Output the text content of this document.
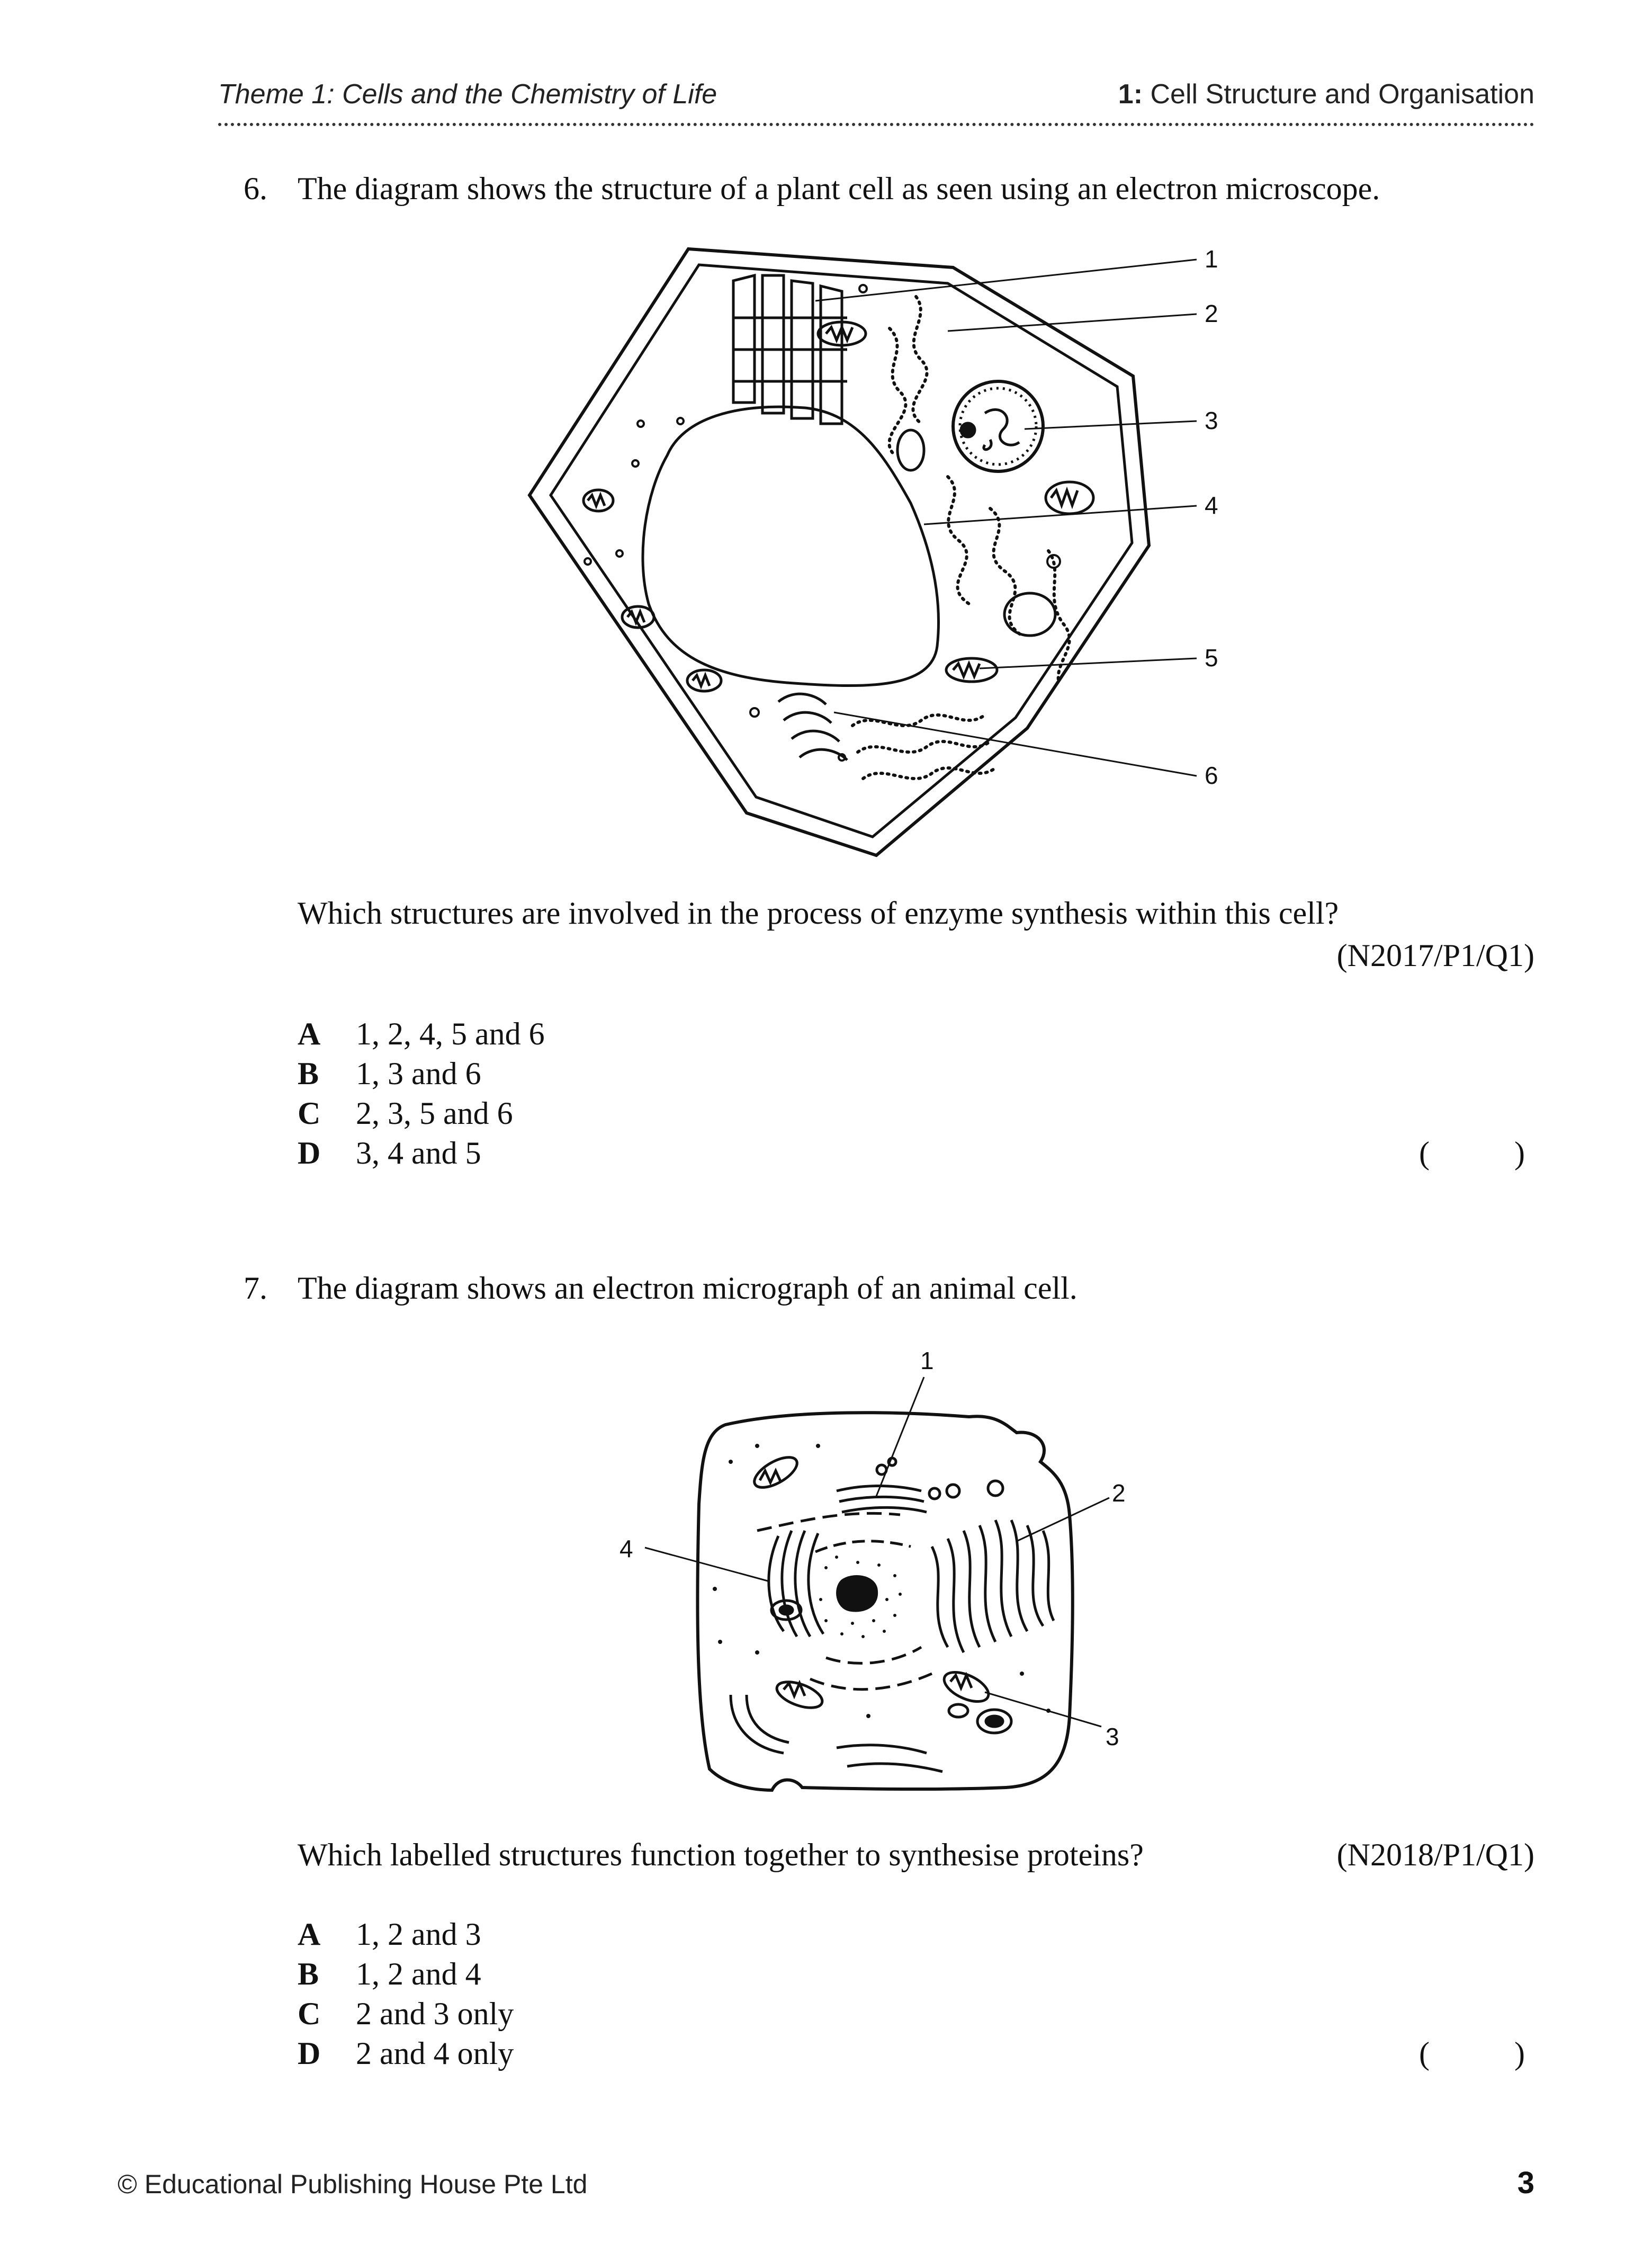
Theme 1: Cells and the Chemistry of Life	1: Cell Structure and Organisation
6. The diagram shows the structure of a plant cell as seen using an electron microscope.
1
2
3
4
5
6
Which structures are involved in the process of enzyme synthesis within this cell?
(N2017/P1/Q1)
A 1, 2, 4, 5 and 6
B 1, 3 and 6
C 2, 3, 5 and 6
D 3, 4 and 5	(	)
7. The diagram shows an electron micrograph of an animal cell.
1
2
3
4
Which labelled structures function together to synthesise proteins?	(N2018/P1/Q1)
A 1, 2 and 3
B 1, 2 and 4
C 2 and 3 only
D 2 and 4 only	(	)
© Educational Publishing House Pte Ltd	3
